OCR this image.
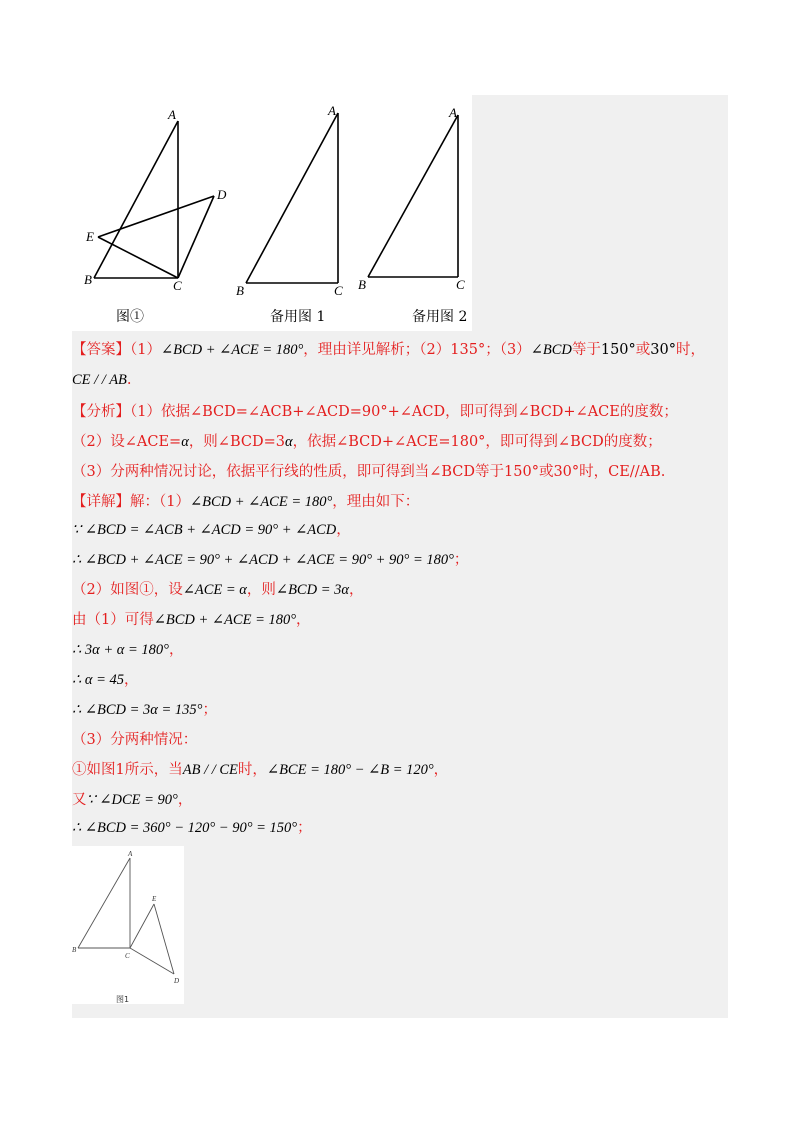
A
D
E
B	C
A
B	C
A
B	C
图①	备用图 1	备用图 2
【答案】（1）∠BCD + ∠ACE = 180°，理由详见解析；（2）135°；（3）∠BCD等于150°或30°时，
CE / / AB.
【分析】（1）依据∠BCD=∠ACB+∠ACD=90°+∠ACD，即可得到∠BCD+∠ACE的度数；
（2）设∠ACE=α，则∠BCD=3α，依据∠BCD+∠ACE=180°，即可得到∠BCD的度数；
（3）分两种情况讨论，依据平行线的性质，即可得到当∠BCD等于150°或30°时，CE//AB.
【详解】解：（1）∠BCD + ∠ACE = 180°，理由如下：
∵ ∠BCD = ∠ACB + ∠ACD = 90° + ∠ACD，
∴ ∠BCD + ∠ACE = 90° + ∠ACD + ∠ACE = 90° + 90° = 180°；
（2）如图①，设∠ACE = α，则∠BCD = 3α，
由（1）可得∠BCD + ∠ACE = 180°，
∴ 3α + α = 180°，
∴ α = 45，
∴ ∠BCD = 3α = 135°；
（3）分两种情况：
①如图1所示，当AB / / CE时，∠BCE = 180° − ∠B = 120°，
又∵ ∠DCE = 90°，
∴ ∠BCD = 360° − 120° − 90° = 150°；
A
E
B
C
D
图1
